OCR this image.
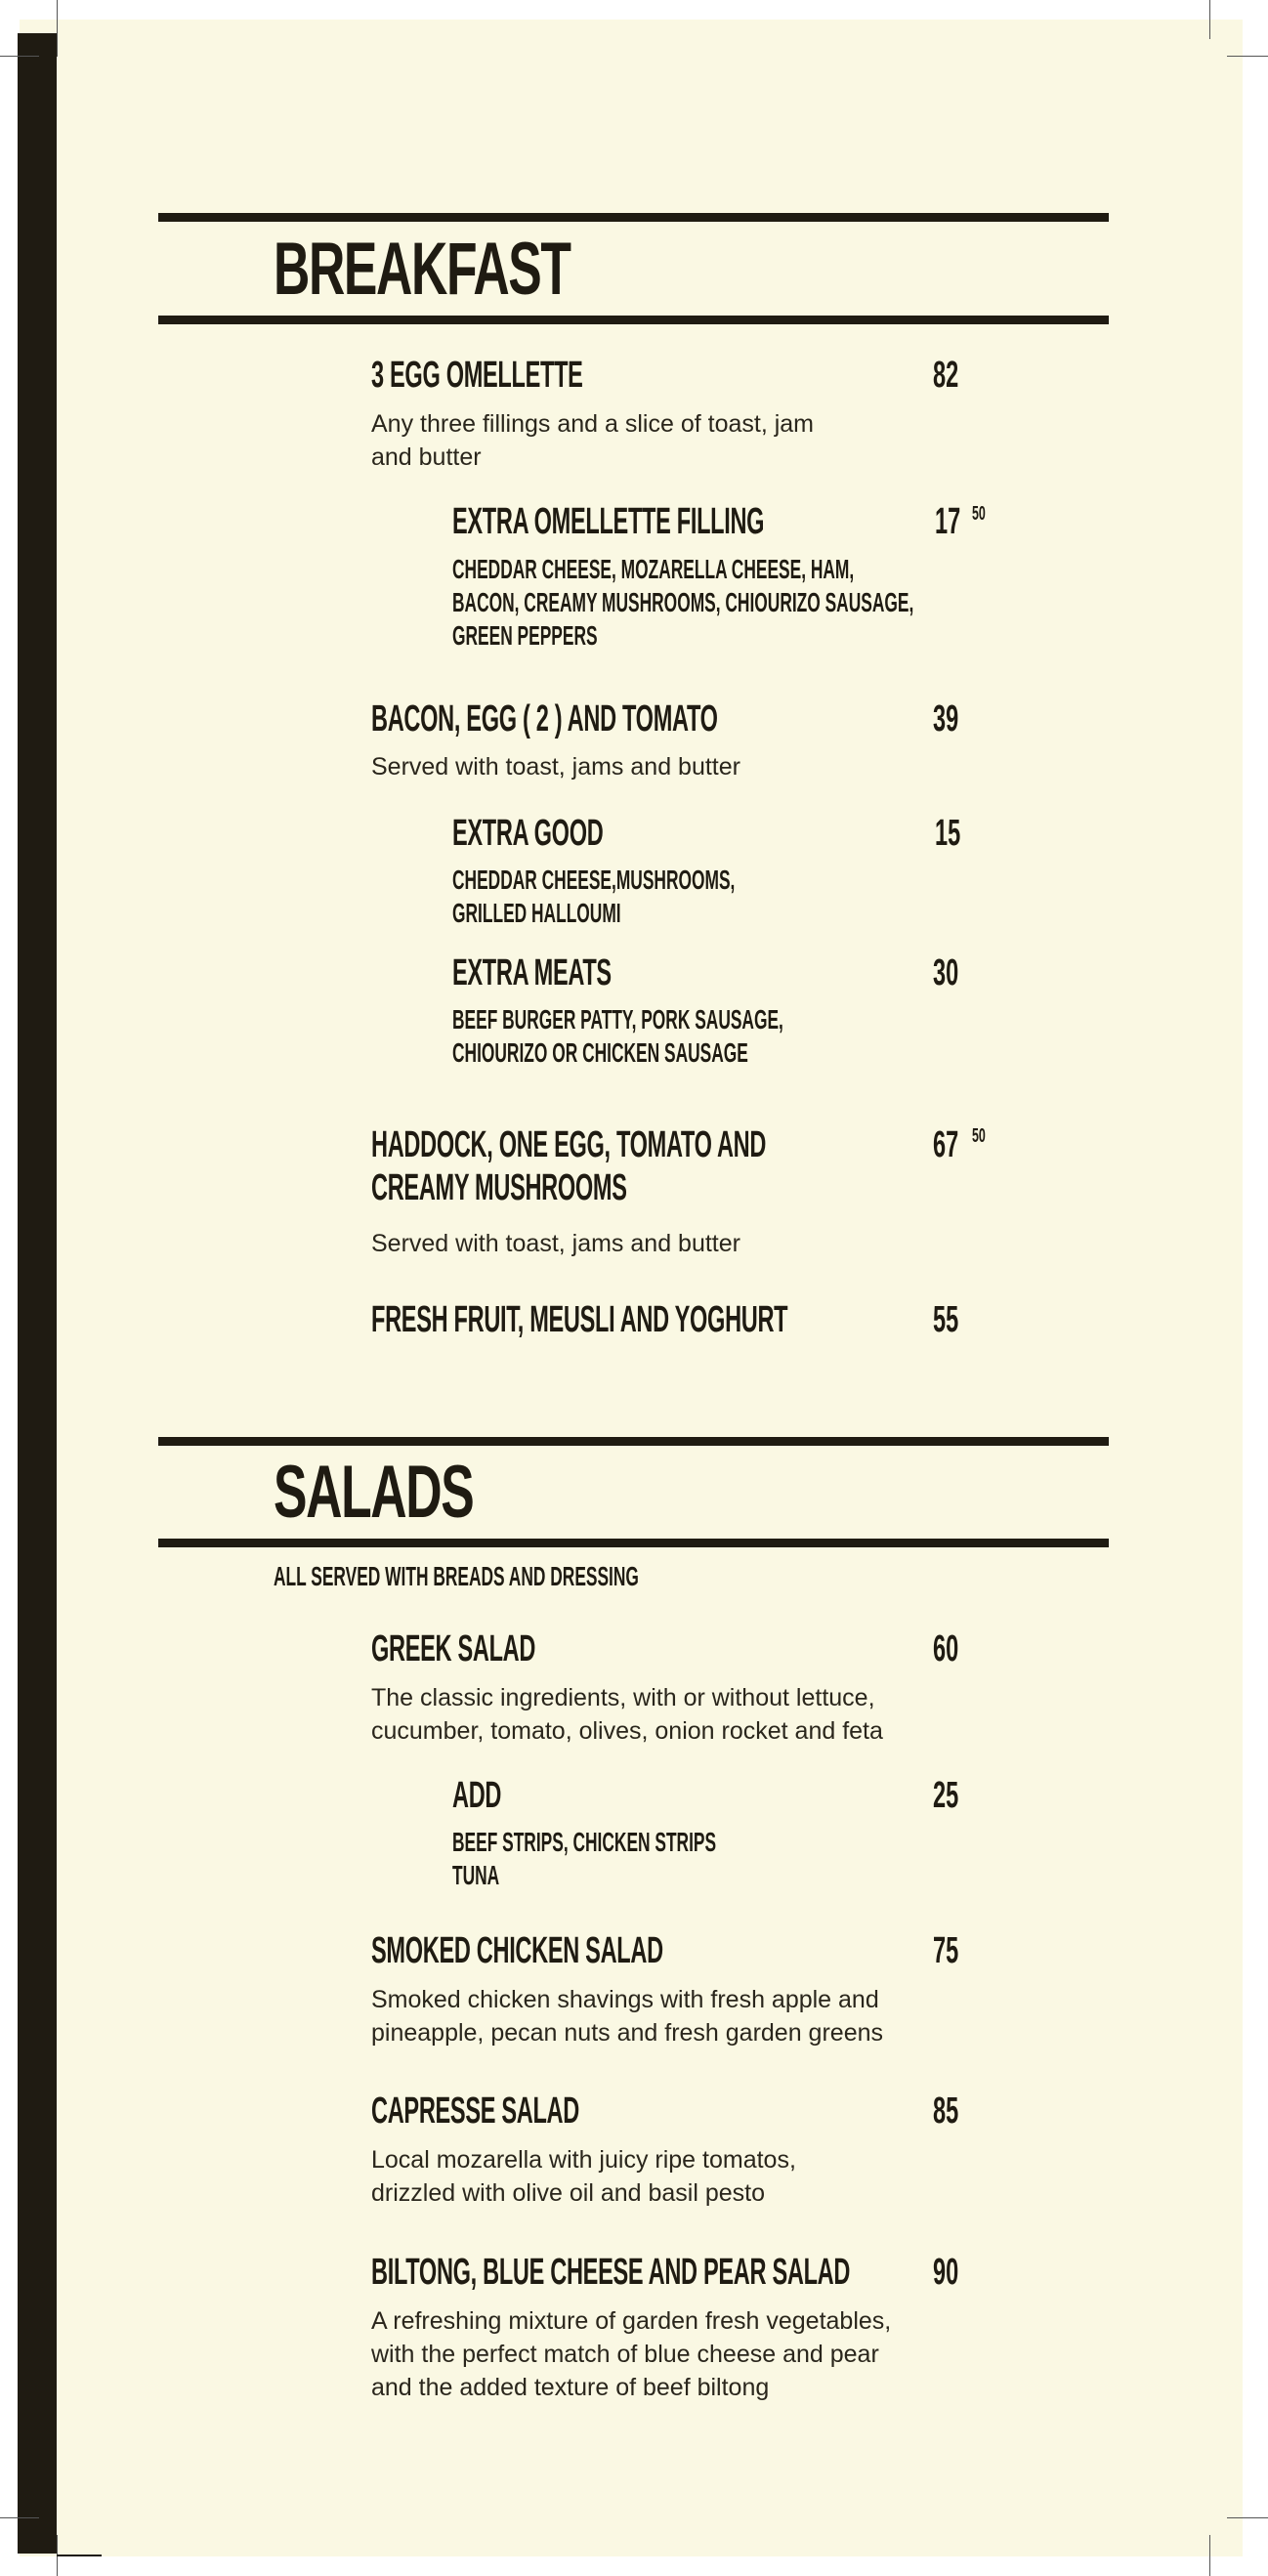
BREAKFAST
3 EGG OMELLETTE	82
Any three fillings and a slice of toast, jam
and butter
EXTRA OMELLETTE FILLING	17 50
CHEDDAR CHEESE, MOZARELLA CHEESE, HAM,
BACON, CREAMY MUSHROOMS, CHIOURIZO SAUSAGE,
GREEN PEPPERS
BACON, EGG ( 2 ) AND TOMATO	39
Served with toast, jams and butter
EXTRA GOOD	15
CHEDDAR CHEESE,MUSHROOMS,
GRILLED HALLOUMI
EXTRA MEATS	30
BEEF BURGER PATTY, PORK SAUSAGE,
CHIOURIZO OR CHICKEN SAUSAGE
HADDOCK, ONE EGG, TOMATO AND
CREAMY MUSHROOMS
67 50
Served with toast, jams and butter
FRESH FRUIT, MEUSLI AND YOGHURT	55
SALADS
ALL SERVED WITH BREADS AND DRESSING
GREEK SALAD	60
The classic ingredients, with or without lettuce,
cucumber, tomato, olives, onion rocket and feta
ADD	25
BEEF STRIPS, CHICKEN STRIPS
TUNA
SMOKED CHICKEN SALAD	75
Smoked chicken shavings with fresh apple and
pineapple, pecan nuts and fresh garden greens
CAPRESSE SALAD	85
Local mozarella with juicy ripe tomatos,
drizzled with olive oil and basil pesto
BILTONG, BLUE CHEESE AND PEAR SALAD 90
A refreshing mixture of garden fresh vegetables,
with the perfect match of blue cheese and pear
and the added texture of beef biltong
